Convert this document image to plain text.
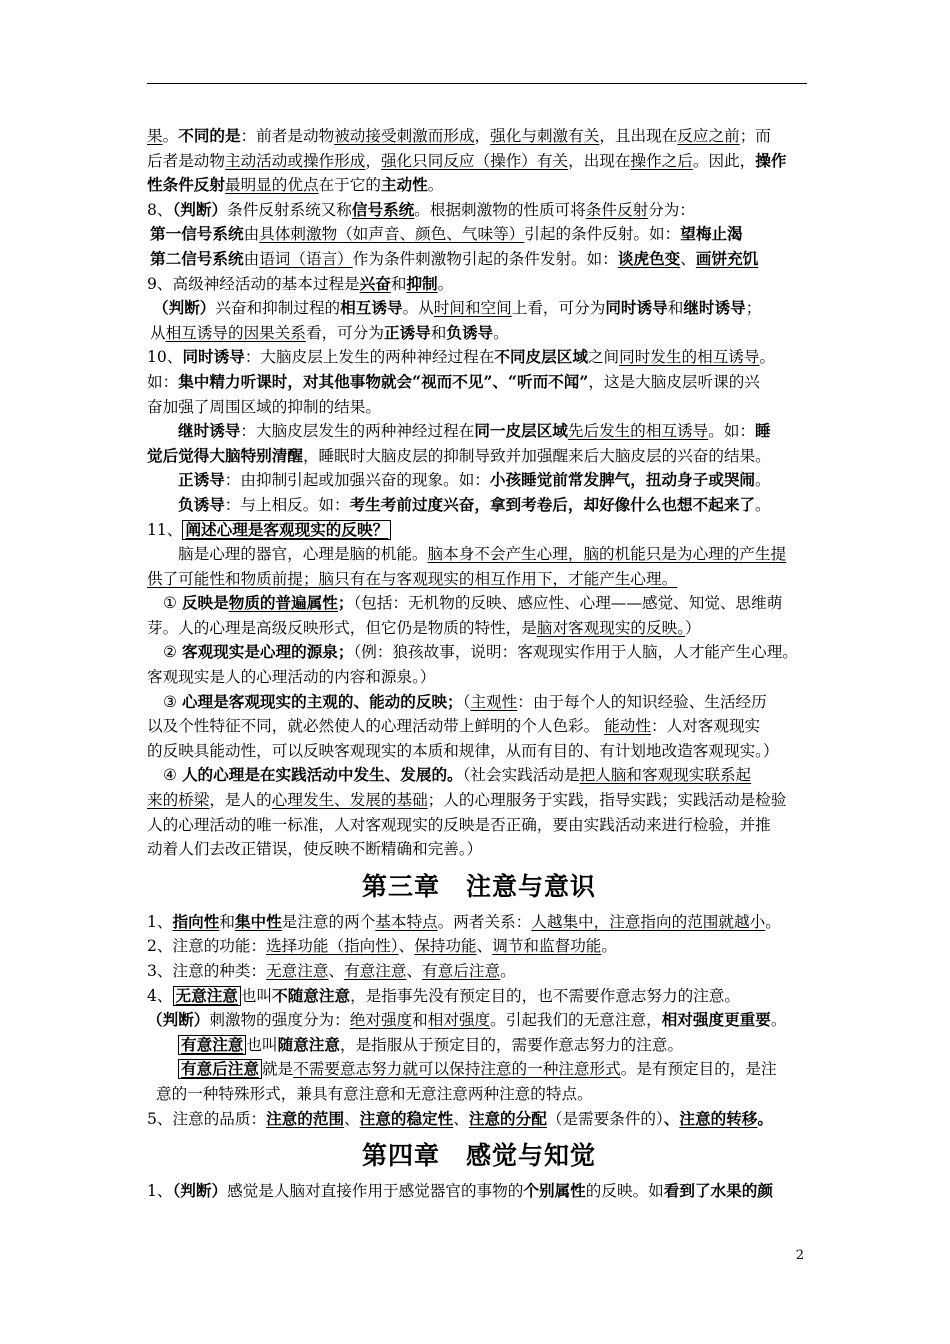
果。不同的是：前者是动物被动接受刺激而形成，强化与刺激有关，且出现在反应之前；而

后者是动物主动活动或操作形成，强化只同反应（操作）有关，出现在操作之后。因此，操作

性条件反射最明显的优点在于它的主动性。

8、（判断）条件反射系统又称信号系统。根据刺激物的性质可将条件反射分为：

第一信号系统由具体刺激物（如声音、颜色、气味等）引起的条件反射。如：望梅止渴

第二信号系统由语词（语言）作为条件刺激物引起的条件发射。如：谈虎色变、画饼充饥

9、高级神经活动的基本过程是兴奋和抑制。

（判断）兴奋和抑制过程的相互诱导。从时间和空间上看，可分为同时诱导和继时诱导；

从相互诱导的因果关系看，可分为正诱导和负诱导。

10、同时诱导：大脑皮层上发生的两种神经过程在不同皮层区域之间同时发生的相互诱导。

如：集中精力听课时，对其他事物就会“视而不见”、“听而不闻”，这是大脑皮层听课的兴

奋加强了周围区域的抑制的结果。

继时诱导：大脑皮层发生的两种神经过程在同一皮层区域先后发生的相互诱导。如：睡

觉后觉得大脑特别清醒，睡眠时大脑皮层的抑制导致并加强醒来后大脑皮层的兴奋的结果。

正诱导：由抑制引起或加强兴奋的现象。如：小孩睡觉前常发脾气，扭动身子或哭闹。

负诱导：与上相反。如：考生考前过度兴奋，拿到考卷后，却好像什么也想不起来了。

11、 阐述心理是客观现实的反映？

脑是心理的器官，心理是脑的机能。脑本身不会产生心理，脑的机能只是为心理的产生提

供了可能性和物质前提；脑只有在与客观现实的相互作用下，才能产生心理。

① 反映是物质的普遍属性；（包括：无机物的反映、感应性、心理——感觉、知觉、思维萌

芽。人的心理是高级反映形式，但它仍是物质的特性，是脑对客观现实的反映。）

② 客观现实是心理的源泉；（例：狼孩故事，说明：客观现实作用于人脑，人才能产生心理。

客观现实是人的心理活动的内容和源泉。）

③ 心理是客观现实的主观的、能动的反映；（主观性：由于每个人的知识经验、生活经历

以及个性特征不同，就必然使人的心理活动带上鲜明的个人色彩。 能动性：人对客观现实

的反映具能动性，可以反映客观现实的本质和规律，从而有目的、有计划地改造客观现实。）

④ 人的心理是在实践活动中发生、发展的。（社会实践活动是把人脑和客观现实联系起

来的桥梁，是人的心理发生、发展的基础；人的心理服务于实践，指导实践；实践活动是检验

人的心理活动的唯一标准，人对客观现实的反映是否正确，要由实践活动来进行检验，并推

动着人们去改正错误，使反映不断精确和完善。）

第三章 注意与意识

1、指向性和集中性是注意的两个基本特点。两者关系：人越集中，注意指向的范围就越小。

2、注意的功能：选择功能（指向性）、保持功能、调节和监督功能。

3、注意的种类：无意注意、有意注意、有意后注意。

4、 无意注意 也叫不随意注意，是指事先没有预定目的，也不需要作意志努力的注意。

（判断）刺激物的强度分为：绝对强度和相对强度。引起我们的无意注意，相对强度更重要。

有意注意 也叫随意注意，是指服从于预定目的，需要作意志努力的注意。

有意后注意 就是不需要意志努力就可以保持注意的一种注意形式。是有预定目的，是注

意的一种特殊形式，兼具有意注意和无意注意两种注意的特点。

5、注意的品质：注意的范围、注意的稳定性、注意的分配（是需要条件的）、注意的转移。

第四章 感觉与知觉

1、（判断）感觉是人脑对直接作用于感觉器官的事物的个别属性的反映。如看到了水果的颜

2
